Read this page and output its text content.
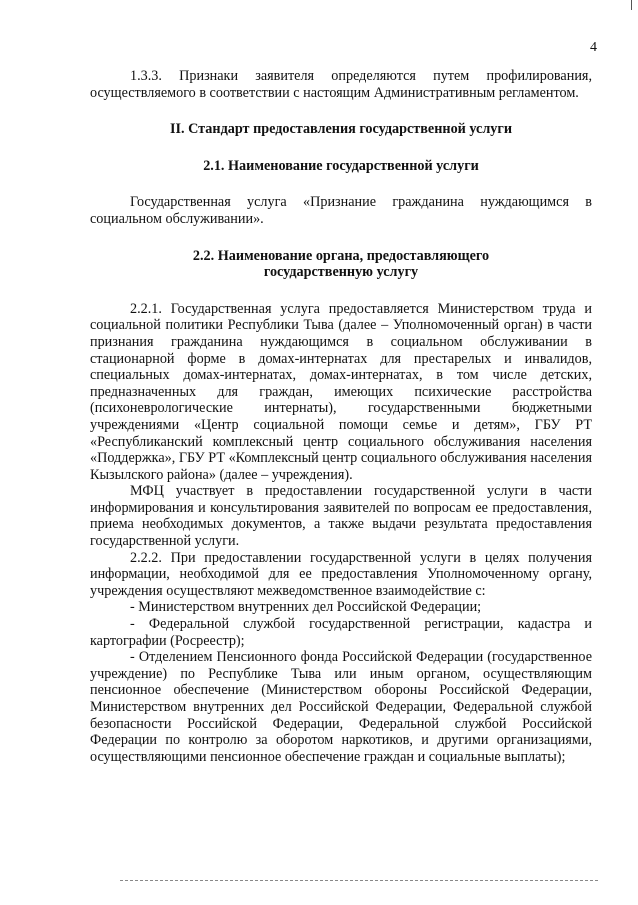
4

1.3.3. Признаки заявителя определяются путем профилирования, осуществляемого в соответствии с настоящим Административным регламентом.

II. Стандарт предоставления государственной услуги

2.1. Наименование государственной услуги

Государственная услуга «Признание гражданина нуждающимся в социальном обслуживании».

2.2. Наименование органа, предоставляющего государственную услугу

2.2.1. Государственная услуга предоставляется Министерством труда и социальной политики Республики Тыва (далее – Уполномоченный орган) в части признания гражданина нуждающимся в социальном обслуживании в стационарной форме в домах-интернатах для престарелых и инвалидов, специальных домах-интернатах, домах-интернатах, в том числе детских, предназначенных для граждан, имеющих психические расстройства (психоневрологические интернаты), государственными бюджетными учреждениями «Центр социальной помощи семье и детям», ГБУ РТ «Республиканский комплексный центр социального обслуживания населения «Поддержка», ГБУ РТ «Комплексный центр социального обслуживания населения Кызылского района» (далее – учреждения).

МФЦ участвует в предоставлении государственной услуги в части информирования и консультирования заявителей по вопросам ее предоставления, приема необходимых документов, а также выдачи результата предоставления государственной услуги.

2.2.2. При предоставлении государственной услуги в целях получения информации, необходимой для ее предоставления Уполномоченному органу, учреждения осуществляют межведомственное взаимодействие с:

- Министерством внутренних дел Российской Федерации;

- Федеральной службой государственной регистрации, кадастра и картографии (Росреестр);

- Отделением Пенсионного фонда Российской Федерации (государственное учреждение) по Республике Тыва или иным органом, осуществляющим пенсионное обеспечение (Министерством обороны Российской Федерации, Министерством внутренних дел Российской Федерации, Федеральной службой безопасности Российской Федерации, Федеральной службой Российской Федерации по контролю за оборотом наркотиков, и другими организациями, осуществляющими пенсионное обеспечение граждан и социальные выплаты);
